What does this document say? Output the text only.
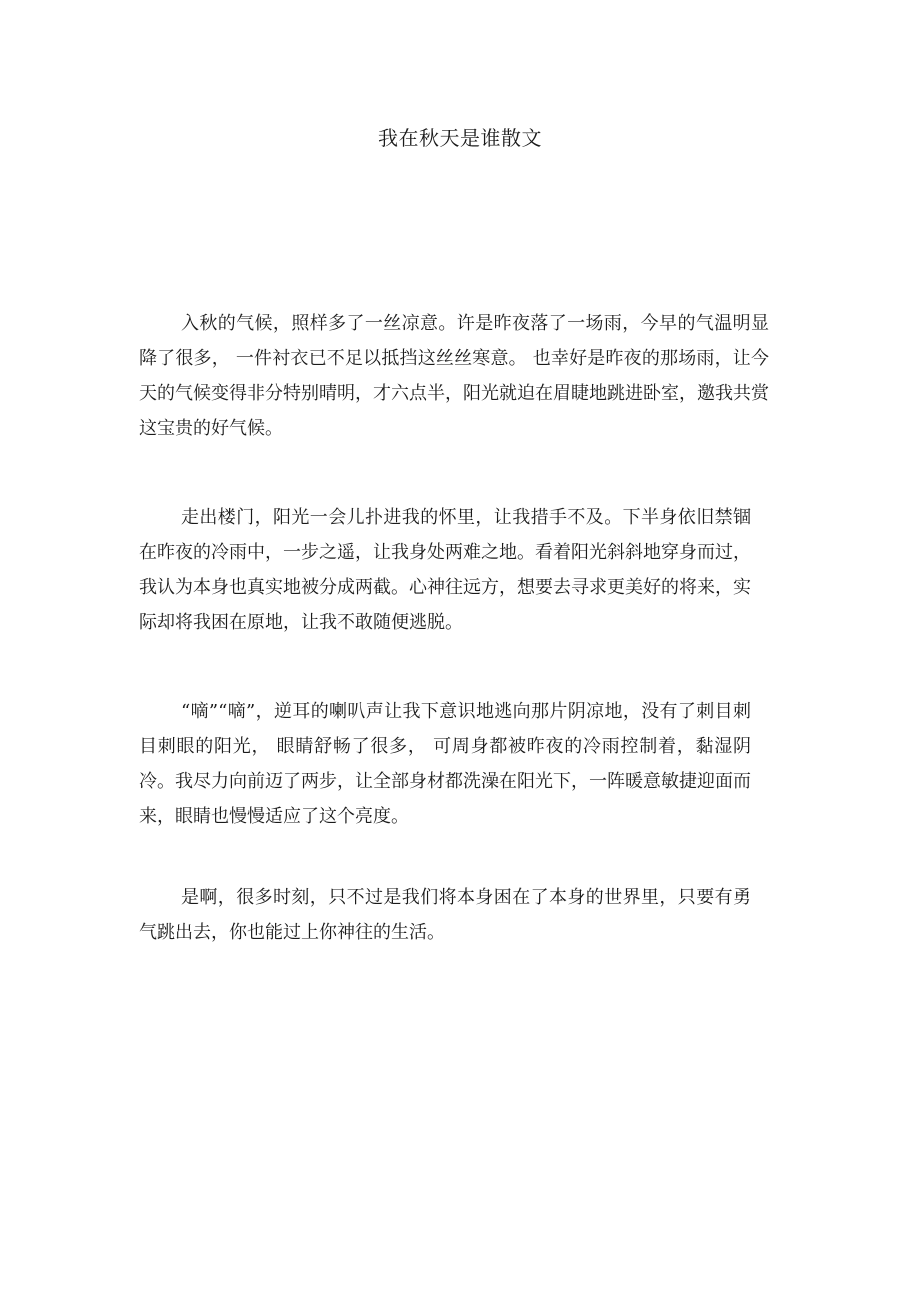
我在秋天是谁散文

入秋的气候，照样多了一丝凉意。许是昨夜落了一场雨，今早的气温明显降了很多， 一件衬衣已不足以抵挡这丝丝寒意。 也幸好是昨夜的那场雨，让今天的气候变得非分特别晴明，才六点半，阳光就迫在眉睫地跳进卧室，邀我共赏这宝贵的好气候。

走出楼门，阳光一会儿扑进我的怀里，让我措手不及。下半身依旧禁锢在昨夜的冷雨中，一步之遥，让我身处两难之地。看着阳光斜斜地穿身而过，我认为本身也真实地被分成两截。心神往远方，想要去寻求更美好的将来，实际却将我困在原地，让我不敢随便逃脱。

“嘀”“嘀”，逆耳的喇叭声让我下意识地逃向那片阴凉地，没有了刺目刺目刺眼的阳光， 眼睛舒畅了很多， 可周身都被昨夜的冷雨控制着，黏湿阴冷。我尽力向前迈了两步，让全部身材都洗澡在阳光下，一阵暖意敏捷迎面而来，眼睛也慢慢适应了这个亮度。

是啊，很多时刻，只不过是我们将本身困在了本身的世界里，只要有勇气跳出去，你也能过上你神往的生活。
